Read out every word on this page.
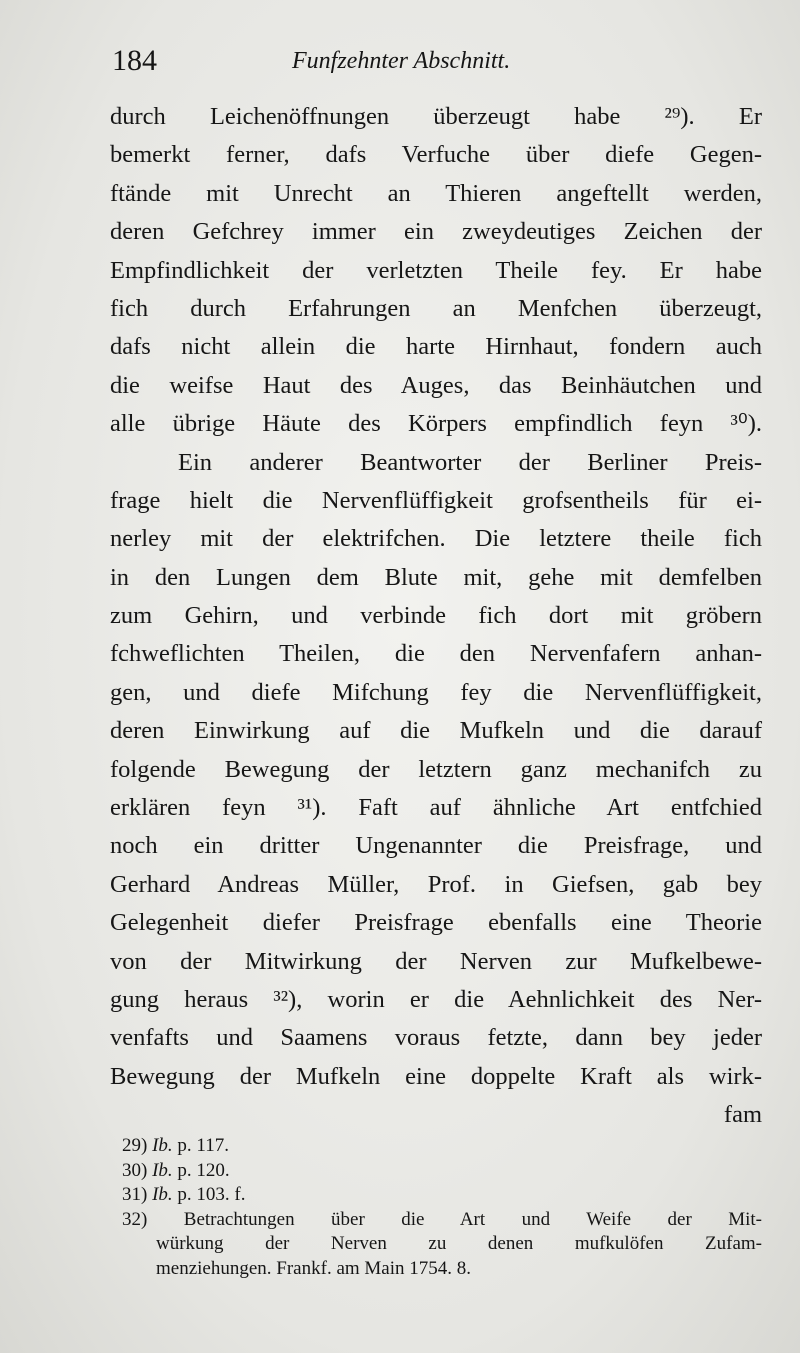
184	Funfzehnter Abschnitt.
durch Leichenöffnungen überzeugt habe ²⁹). Er
bemerkt ferner, dafs Verfuche über diefe Gegen-
ftände mit Unrecht an Thieren angeftellt werden,
deren Gefchrey immer ein zweydeutiges Zeichen der
Empfindlichkeit der verletzten Theile fey. Er habe
fich durch Erfahrungen an Menfchen überzeugt,
dafs nicht allein die harte Hirnhaut, fondern auch
die weifse Haut des Auges, das Beinhäutchen und
alle übrige Häute des Körpers empfindlich feyn ³⁰).
Ein anderer Beantworter der Berliner Preis-
frage hielt die Nervenflüffigkeit grofsentheils für ei-
nerley mit der elektrifchen. Die letztere theile fich
in den Lungen dem Blute mit, gehe mit demfelben
zum Gehirn, und verbinde fich dort mit gröbern
fchweflichten Theilen, die den Nervenfafern anhan-
gen, und diefe Mifchung fey die Nervenflüffigkeit,
deren Einwirkung auf die Mufkeln und die darauf
folgende Bewegung der letztern ganz mechanifch zu
erklären feyn ³¹). Faft auf ähnliche Art entfchied
noch ein dritter Ungenannter die Preisfrage, und
Gerhard Andreas Müller, Prof. in Giefsen, gab bey
Gelegenheit diefer Preisfrage ebenfalls eine Theorie
von der Mitwirkung der Nerven zur Mufkelbewe-
gung heraus ³²), worin er die Aehnlichkeit des Ner-
venfafts und Saamens voraus fetzte, dann bey jeder
Bewegung der Mufkeln eine doppelte Kraft als wirk-
fam
29) Ib. p. 117.
30) Ib. p. 120.
31) Ib. p. 103. f.
32) Betrachtungen über die Art und Weife der Mit-
würkung der Nerven zu denen mufkulöfen Zufam-
menziehungen. Frankf. am Main 1754. 8.
